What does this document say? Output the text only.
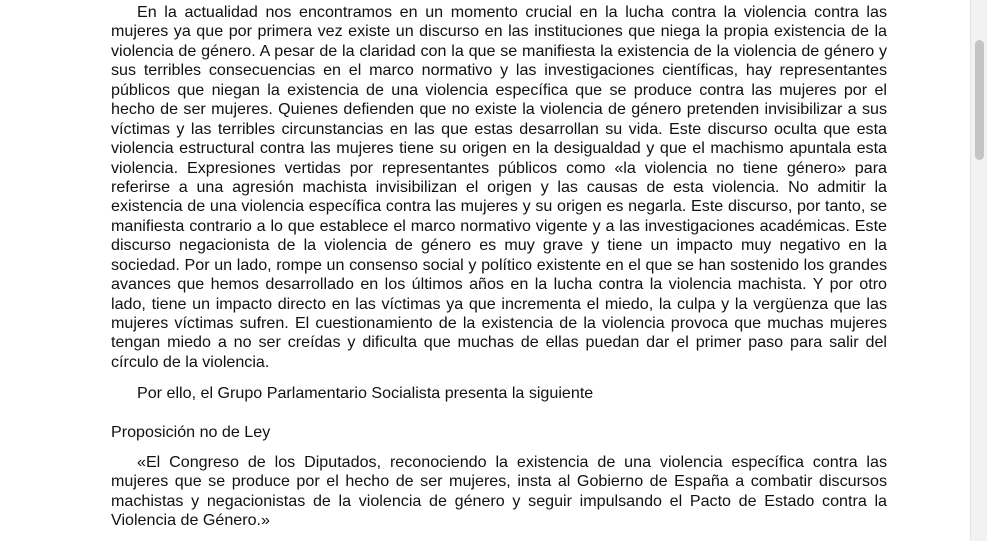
En la actualidad nos encontramos en un momento crucial en la lucha contra la violencia contra las mujeres ya que por primera vez existe un discurso en las instituciones que niega la propia existencia de la violencia de género. A pesar de la claridad con la que se manifiesta la existencia de la violencia de género y sus terribles consecuencias en el marco normativo y las investigaciones científicas, hay representantes públicos que niegan la existencia de una violencia específica que se produce contra las mujeres por el hecho de ser mujeres. Quienes defienden que no existe la violencia de género pretenden invisibilizar a sus víctimas y las terribles circunstancias en las que estas desarrollan su vida. Este discurso oculta que esta violencia estructural contra las mujeres tiene su origen en la desigualdad y que el machismo apuntala esta violencia. Expresiones vertidas por representantes públicos como «la violencia no tiene género» para referirse a una agresión machista invisibilizan el origen y las causas de esta violencia. No admitir la existencia de una violencia específica contra las mujeres y su origen es negarla. Este discurso, por tanto, se manifiesta contrario a lo que establece el marco normativo vigente y a las investigaciones académicas. Este discurso negacionista de la violencia de género es muy grave y tiene un impacto muy negativo en la sociedad. Por un lado, rompe un consenso social y político existente en el que se han sostenido los grandes avances que hemos desarrollado en los últimos años en la lucha contra la violencia machista. Y por otro lado, tiene un impacto directo en las víctimas ya que incrementa el miedo, la culpa y la vergüenza que las mujeres víctimas sufren. El cuestionamiento de la existencia de la violencia provoca que muchas mujeres tengan miedo a no ser creídas y dificulta que muchas de ellas puedan dar el primer paso para salir del círculo de la violencia.

Por ello, el Grupo Parlamentario Socialista presenta la siguiente

Proposición no de Ley

«El Congreso de los Diputados, reconociendo la existencia de una violencia específica contra las mujeres que se produce por el hecho de ser mujeres, insta al Gobierno de España a combatir discursos machistas y negacionistas de la violencia de género y seguir impulsando el Pacto de Estado contra la Violencia de Género.»
